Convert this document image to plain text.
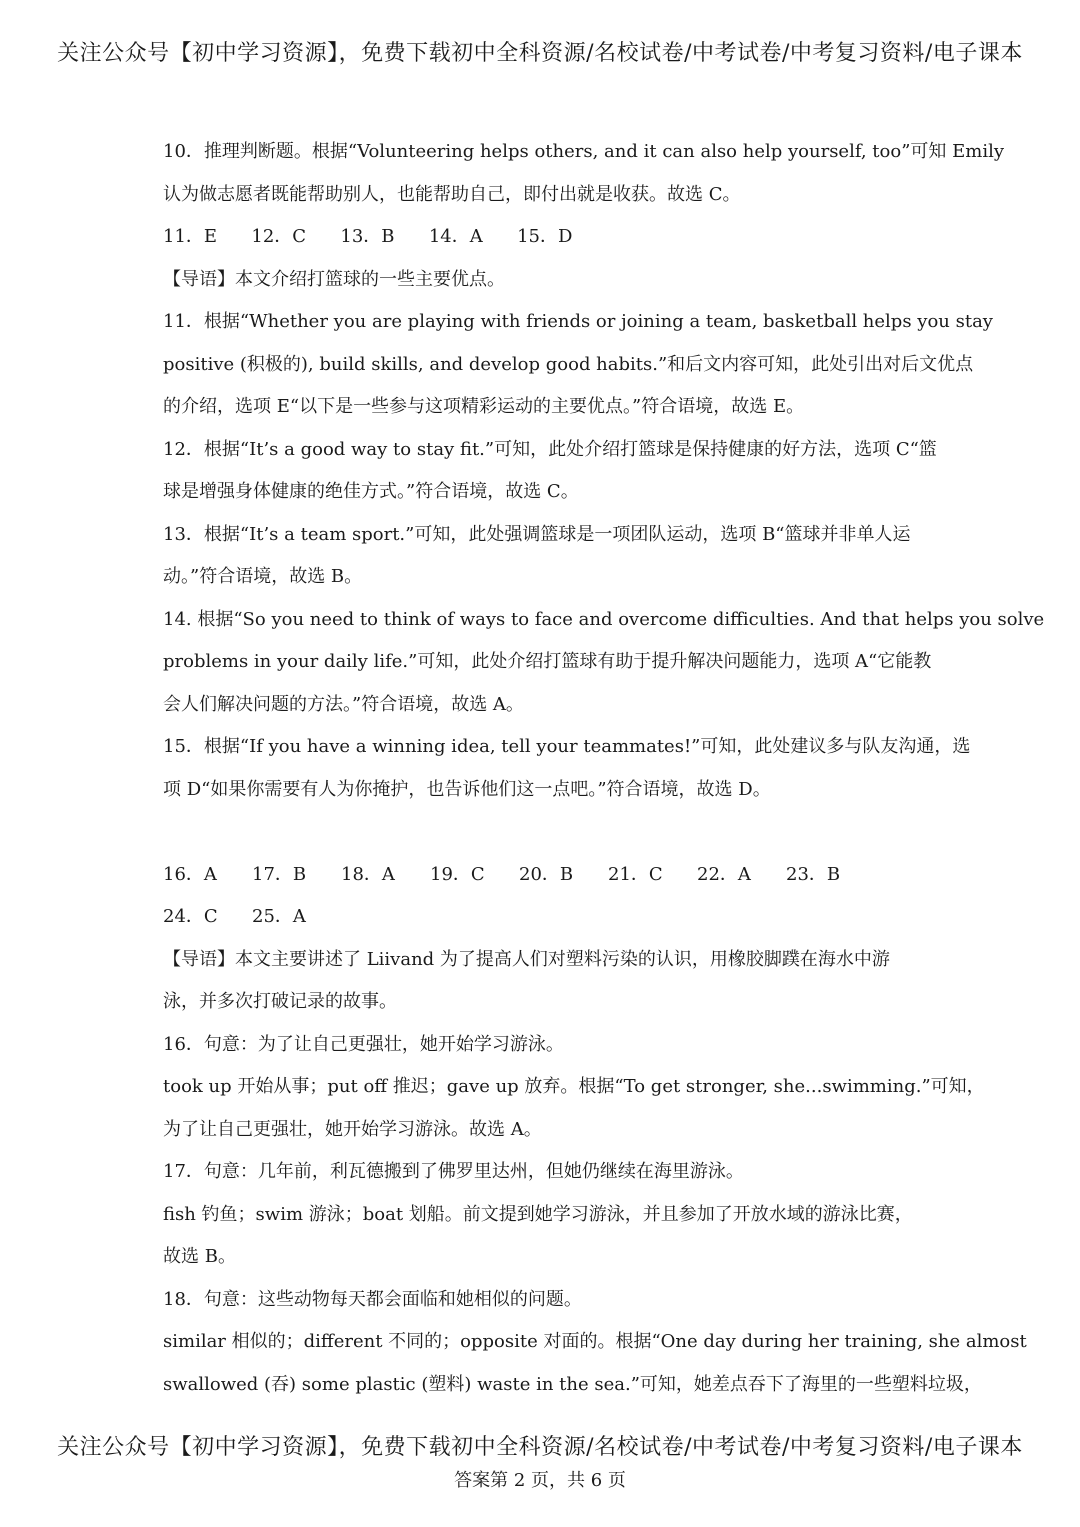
关注公众号【初中学习资源】，免费下载初中全科资源/名校试卷/中考试卷/中考复习资料/电子课本
10．推理判断题。根据“Volunteering helps others, and it can also help yourself, too”可知 Emily
认为做志愿者既能帮助别人，也能帮助自己，即付出就是收获。故选 C。
11．E      12．C      13．B      14．A      15．D
【导语】本文介绍打篮球的一些主要优点。
11．根据“Whether you are playing with friends or joining a team, basketball helps you stay
positive (积极的), build skills, and develop good habits.”和后文内容可知，此处引出对后文优点
的介绍，选项 E“以下是一些参与这项精彩运动的主要优点。”符合语境，故选 E。
12．根据“It’s a good way to stay fit.”可知，此处介绍打篮球是保持健康的好方法，选项 C“篮
球是增强身体健康的绝佳方式。”符合语境，故选 C。
13．根据“It’s a team sport.”可知，此处强调篮球是一项团队运动，选项 B“篮球并非单人运
动。”符合语境，故选 B。
14. 根据“So you need to think of ways to face and overcome difficulties. And that helps you solve
problems in your daily life.”可知，此处介绍打篮球有助于提升解决问题能力，选项 A“它能教
会人们解决问题的方法。”符合语境，故选 A。
15．根据“If you have a winning idea, tell your teammates!”可知，此处建议多与队友沟通，选
项 D“如果你需要有人为你掩护，也告诉他们这一点吧。”符合语境，故选 D。
16．A	17．B	18．A	19．C	20．B	21．C	22．A	23．B
24．C	25．A
【导语】本文主要讲述了 Liivand 为了提高人们对塑料污染的认识，用橡胶脚蹼在海水中游
泳，并多次打破记录的故事。
16．句意：为了让自己更强壮，她开始学习游泳。
took up 开始从事；put off 推迟；gave up 放弃。根据“To get stronger, she...swimming.”可知，
为了让自己更强壮，她开始学习游泳。故选 A。
17．句意：几年前，利瓦德搬到了佛罗里达州，但她仍继续在海里游泳。
fish 钓鱼；swim 游泳；boat 划船。前文提到她学习游泳，并且参加了开放水域的游泳比赛，
故选 B。
18．句意：这些动物每天都会面临和她相似的问题。
similar 相似的；different 不同的；opposite 对面的。根据“One day during her training, she almost
swallowed (吞) some plastic (塑料) waste in the sea.”可知，她差点吞下了海里的一些塑料垃圾，
关注公众号【初中学习资源】，免费下载初中全科资源/名校试卷/中考试卷/中考复习资料/电子课本
答案第 2 页，共 6 页
